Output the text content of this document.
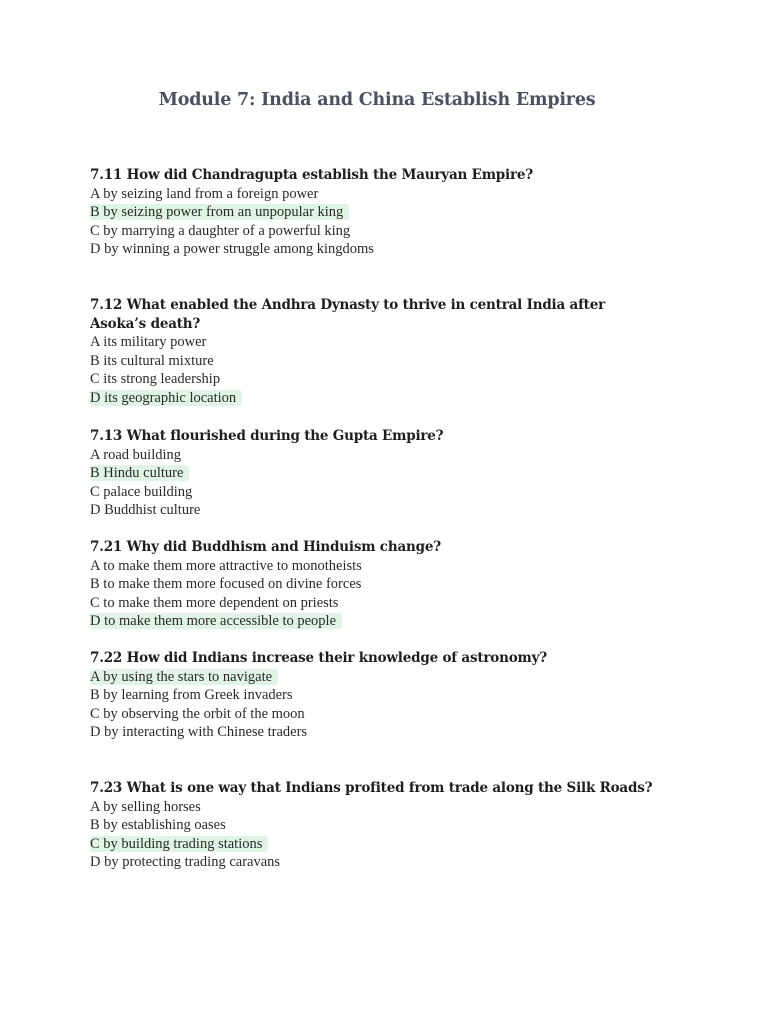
Module 7: India and China Establish Empires
7.11 How did Chandragupta establish the Mauryan Empire?
A by seizing land from a foreign power
B by seizing power from an unpopular king
C by marrying a daughter of a powerful king
D by winning a power struggle among kingdoms
7.12 What enabled the Andhra Dynasty to thrive in central India after Asoka’s death?
A its military power
B its cultural mixture
C its strong leadership
D its geographic location
7.13 What flourished during the Gupta Empire?
A road building
B Hindu culture
C palace building
D Buddhist culture
7.21 Why did Buddhism and Hinduism change?
A to make them more attractive to monotheists
B to make them more focused on divine forces
C to make them more dependent on priests
D to make them more accessible to people
7.22 How did Indians increase their knowledge of astronomy?
A by using the stars to navigate
B by learning from Greek invaders
C by observing the orbit of the moon
D by interacting with Chinese traders
7.23 What is one way that Indians profited from trade along the Silk Roads?
A by selling horses
B by establishing oases
C by building trading stations
D by protecting trading caravans
